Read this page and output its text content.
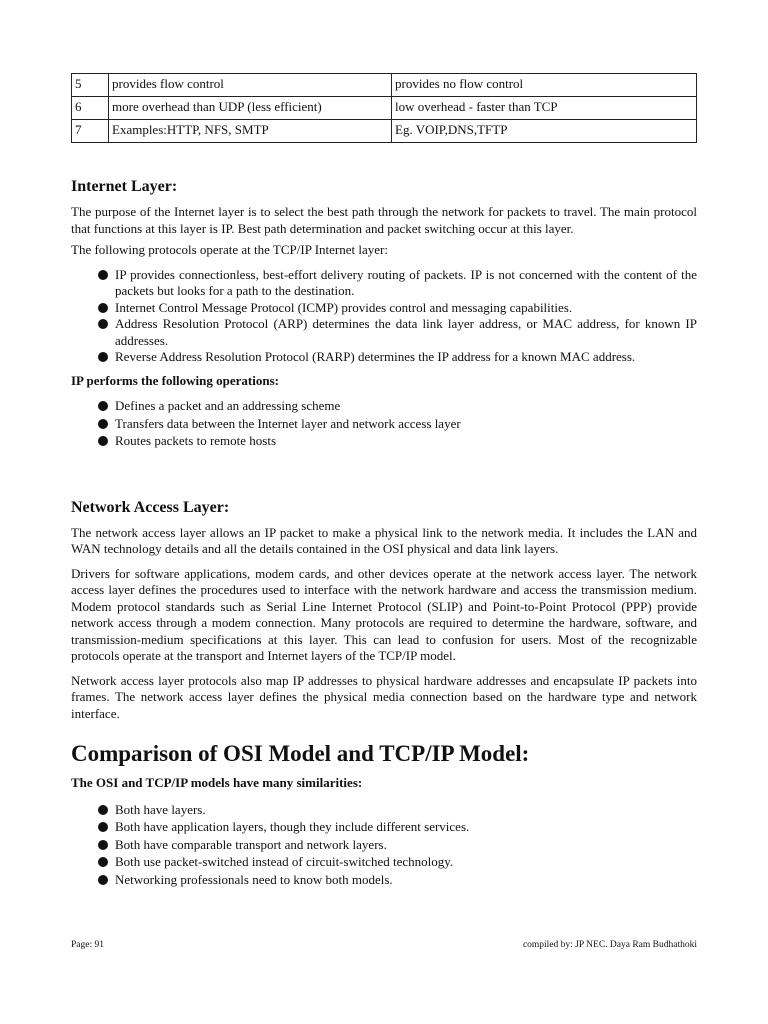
5	provides flow control	provides no flow control
6	more overhead than UDP (less efficient)	low overhead - faster than TCP
7	Examples:HTTP, NFS, SMTP	Eg. VOIP,DNS,TFTP
Internet Layer:

The purpose of the Internet layer is to select the best path through the network for packets to travel. The main protocol that functions at this layer is IP. Best path determination and packet switching occur at this layer.

The following protocols operate at the TCP/IP Internet layer:

IP provides connectionless, best-effort delivery routing of packets. IP is not concerned with the content of the packets but looks for a path to the destination.
Internet Control Message Protocol (ICMP) provides control and messaging capabilities.
Address Resolution Protocol (ARP) determines the data link layer address, or MAC address, for known IP addresses.
Reverse Address Resolution Protocol (RARP) determines the IP address for a known MAC address.

IP performs the following operations:

Defines a packet and an addressing scheme
Transfers data between the Internet layer and network access layer
Routes packets to remote hosts
Network Access Layer:

The network access layer allows an IP packet to make a physical link to the network media. It includes the LAN and WAN technology details and all the details contained in the OSI physical and data link layers.

Drivers for software applications, modem cards, and other devices operate at the network access layer. The network access layer defines the procedures used to interface with the network hardware and access the transmission medium. Modem protocol standards such as Serial Line Internet Protocol (SLIP) and Point-to-Point Protocol (PPP) provide network access through a modem connection. Many protocols are required to determine the hardware, software, and transmission-medium specifications at this layer. This can lead to confusion for users. Most of the recognizable protocols operate at the transport and Internet layers of the TCP/IP model.

Network access layer protocols also map IP addresses to physical hardware addresses and encapsulate IP packets into frames. The network access layer defines the physical media connection based on the hardware type and network interface.

Comparison of OSI Model and TCP/IP Model:

The OSI and TCP/IP models have many similarities:

Both have layers.
Both have application layers, though they include different services.
Both have comparable transport and network layers.
Both use packet-switched instead of circuit-switched technology.
Networking professionals need to know both models.
Page: 91	compiled by: JP NEC. Daya Ram Budhathoki
